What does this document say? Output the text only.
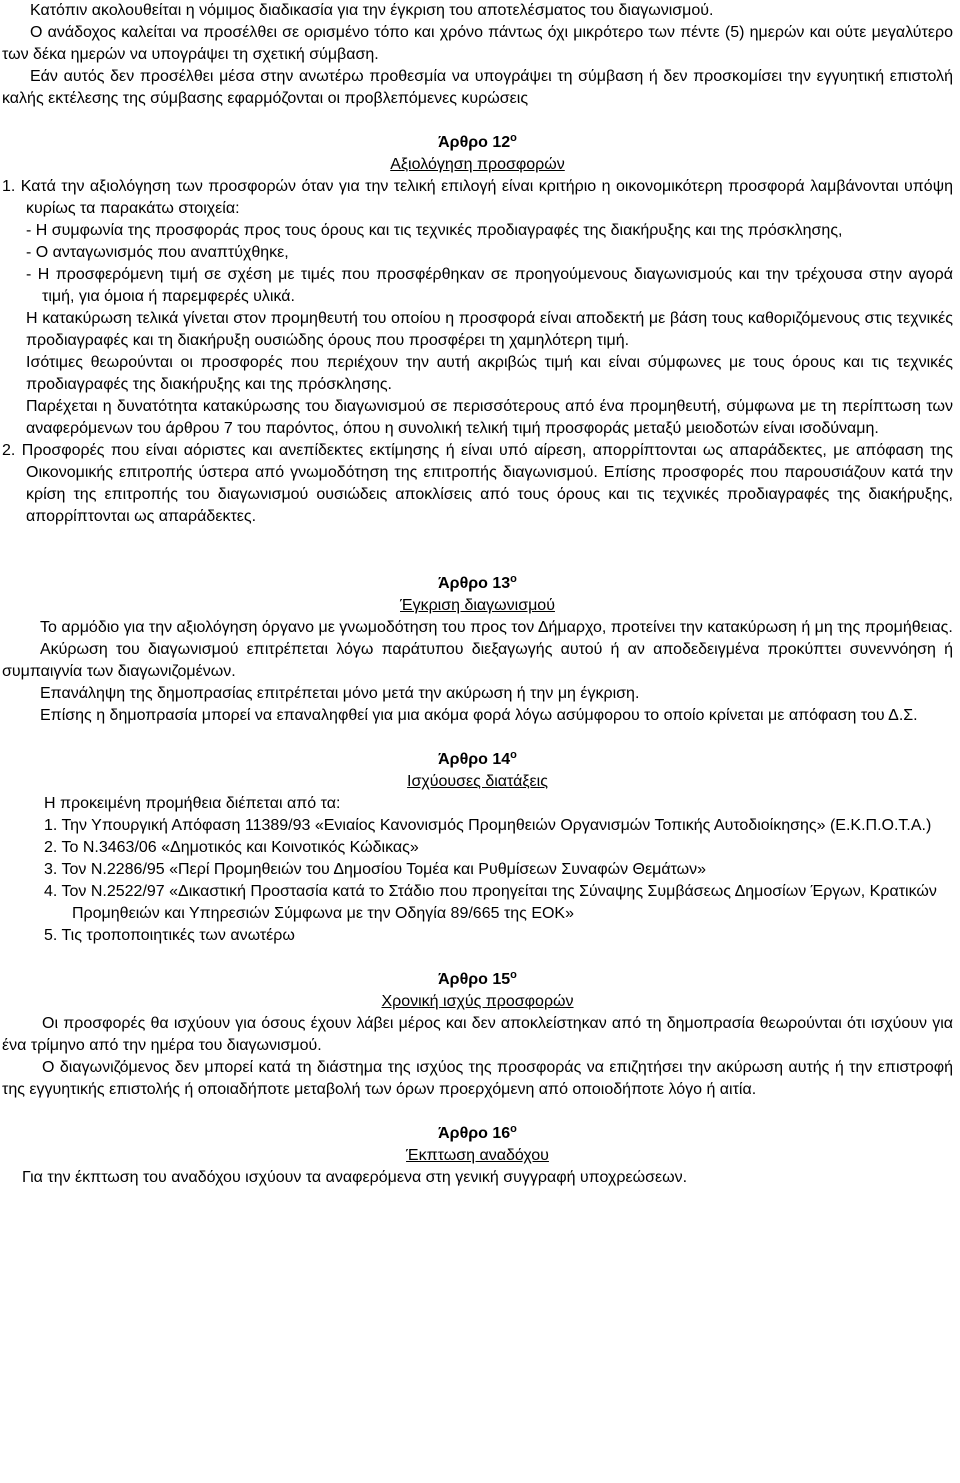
Κατόπιν ακολουθείται η νόμιμος διαδικασία για την έγκριση του αποτελέσματος του διαγωνισμού.

Ο ανάδοχος καλείται να προσέλθει σε ορισμένο τόπο και χρόνο πάντως όχι μικρότερο των πέντε (5) ημερών και ούτε μεγαλύτερο των δέκα ημερών να υπογράψει τη σχετική σύμβαση.

Εάν αυτός δεν προσέλθει μέσα στην ανωτέρω προθεσμία να υπογράψει τη σύμβαση ή δεν προσκομίσει την εγγυητική επιστολή καλής εκτέλεσης της σύμβασης εφαρμόζονται οι προβλεπόμενες κυρώσεις

Άρθρο $12^o$

Αξιολόγηση προσφορών

1. Κατά την αξιολόγηση των προσφορών όταν για την τελική επιλογή είναι κριτήριο η οικονομικότερη προσφορά λαμβάνονται υπόψη κυρίως τα παρακάτω στοιχεία:

- Η συμφωνία της προσφοράς προς τους όρους και τις τεχνικές προδιαγραφές της διακήρυξης και της πρόσκλησης,

- Ο ανταγωνισμός που αναπτύχθηκε,

- Η προσφερόμενη τιμή σε σχέση με τιμές που προσφέρθηκαν σε προηγούμενους διαγωνισμούς και την τρέχουσα στην αγορά τιμή, για όμοια ή παρεμφερές υλικά.

Η κατακύρωση τελικά γίνεται στον προμηθευτή του οποίου η προσφορά είναι αποδεκτή με βάση τους καθοριζόμενους στις τεχνικές προδιαγραφές και τη διακήρυξη ουσιώδης όρους που προσφέρει τη χαμηλότερη τιμή.

Ισότιμες θεωρούνται οι προσφορές που περιέχουν την αυτή ακριβώς τιμή και είναι σύμφωνες με τους όρους και τις τεχνικές προδιαγραφές της διακήρυξης και της πρόσκλησης.

Παρέχεται η δυνατότητα κατακύρωσης του διαγωνισμού σε περισσότερους από ένα προμηθευτή, σύμφωνα με τη περίπτωση των αναφερόμενων του άρθρου 7 του παρόντος, όπου η συνολική τελική τιμή προσφοράς μεταξύ μειοδοτών είναι ισοδύναμη.

2. Προσφορές που είναι αόριστες και ανεπίδεκτες εκτίμησης ή είναι υπό αίρεση, απορρίπτονται ως απαράδεκτες, με απόφαση της Οικονομικής επιτροπής ύστερα από γνωμοδότηση της επιτροπής διαγωνισμού. Επίσης προσφορές που παρουσιάζουν κατά την κρίση της επιτροπής του διαγωνισμού ουσιώδεις αποκλίσεις από τους όρους και τις τεχνικές προδιαγραφές της διακήρυξης, απορρίπτονται ως απαράδεκτες.

Άρθρο $13^o$

Έγκριση διαγωνισμού

Το αρμόδιο για την αξιολόγηση όργανο με γνωμοδότηση του προς τον Δήμαρχο, προτείνει την κατακύρωση ή μη της προμήθειας.

Ακύρωση του διαγωνισμού επιτρέπεται λόγω παράτυπου διεξαγωγής αυτού ή αν αποδεδειγμένα προκύπτει συνεννόηση ή συμπαιγνία των διαγωνιζομένων.

Επανάληψη της δημοπρασίας επιτρέπεται μόνο μετά την ακύρωση ή την μη έγκριση.

Επίσης η δημοπρασία μπορεί να επαναληφθεί για μια ακόμα φορά λόγω ασύμφορου το οποίο κρίνεται με απόφαση του Δ.Σ.

Άρθρο $14^o$

Ισχύουσες διατάξεις

Η προκειμένη προμήθεια διέπεται από τα:

1. Την Υπουργική Απόφαση 11389/93 «Ενιαίος Κανονισμός Προμηθειών Οργανισμών Τοπικής Αυτοδιοίκησης» (Ε.Κ.Π.Ο.Τ.Α.)
2. Το Ν.3463/06 «Δημοτικός και Κοινοτικός Κώδικας»
3. Τον Ν.2286/95 «Περί Προμηθειών του Δημοσίου Τομέα και Ρυθμίσεων Συναφών Θεμάτων»
4. Τον Ν.2522/97 «Δικαστική Προστασία κατά το Στάδιο που προηγείται της Σύναψης Συμβάσεως Δημοσίων Έργων, Κρατικών Προμηθειών και Υπηρεσιών Σύμφωνα με την Οδηγία 89/665 της ΕΟΚ»
5. Τις τροποποιητικές των ανωτέρω

Άρθρο $15^o$

Χρονική ισχύς προσφορών

Οι προσφορές θα ισχύουν για όσους έχουν λάβει μέρος και δεν αποκλείστηκαν από τη δημοπρασία θεωρούνται ότι ισχύουν για ένα τρίμηνο από την ημέρα του διαγωνισμού.

Ο διαγωνιζόμενος δεν μπορεί κατά τη διάστημα της ισχύος της προσφοράς να επιζητήσει την ακύρωση αυτής ή την επιστροφή της εγγυητικής επιστολής ή οποιαδήποτε μεταβολή των όρων προερχόμενη από οποιοδήποτε λόγο ή αιτία.

Άρθρο $16^o$

Έκπτωση αναδόχου

Για την έκπτωση του αναδόχου ισχύουν τα αναφερόμενα στη γενική συγγραφή υποχρεώσεων.
